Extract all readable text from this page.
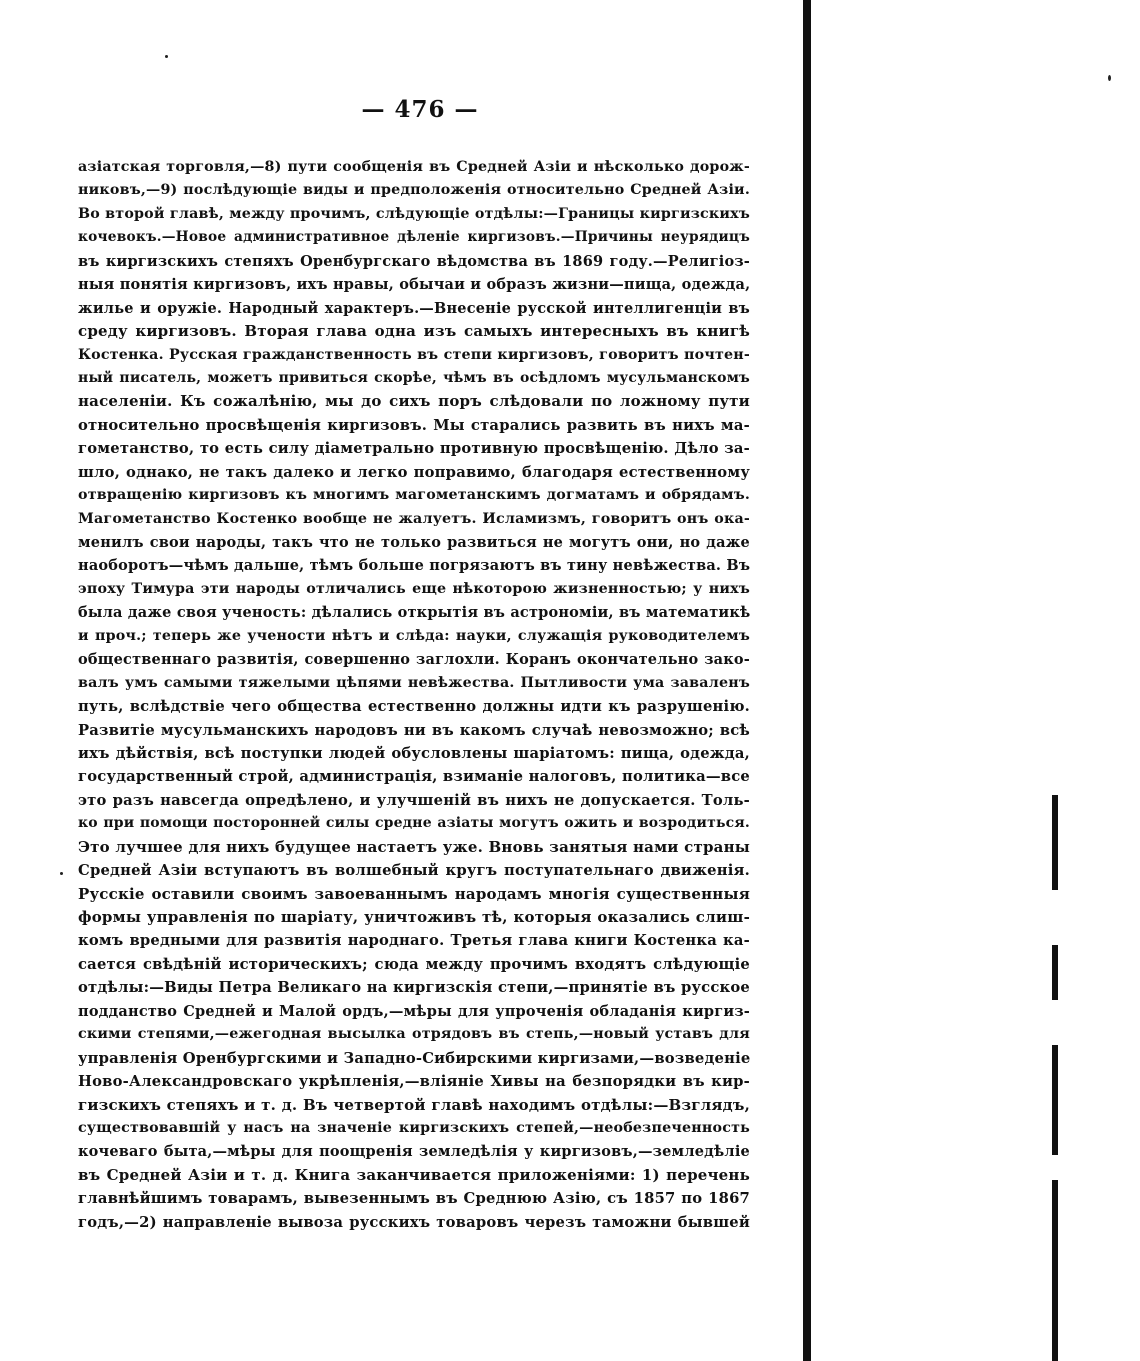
— 476 —
азіатская торговля,—8) пути сообщенія въ Средней Азіи и нѣсколько дорож-
никовъ,—9) послѣдующіе виды и предположенія относительно Средней Азіи.
Во второй главѣ, между прочимъ, слѣдующіе отдѣлы:—Границы киргизскихъ
кочевокъ.—Новое административное дѣленіе киргизовъ.—Причины неурядицъ
въ киргизскихъ степяхъ Оренбургскаго вѣдомства въ 1869 году.—Религіоз-
ныя понятія киргизовъ, ихъ нравы, обычаи и образъ жизни—пища, одежда,
жилье и оружіе. Народный характеръ.—Внесеніе русской интеллигенціи въ
среду киргизовъ. Вторая глава одна изъ самыхъ интересныхъ въ книгѣ
Костенка. Русская гражданственность въ степи киргизовъ, говоритъ почтен-
ный писатель, можетъ привиться скорѣе, чѣмъ въ осѣдломъ мусульманскомъ
населеніи. Къ сожалѣнію, мы до сихъ поръ слѣдовали по ложному пути
относительно просвѣщенія киргизовъ. Мы старались развить въ нихъ ма-
гометанство, то есть силу діаметрально противную просвѣщенію. Дѣло за-
шло, однако, не такъ далеко и легко поправимо, благодаря естественному
отвращенію киргизовъ къ многимъ магометанскимъ догматамъ и обрядамъ.
Магометанство Костенко вообще не жалуетъ. Исламизмъ, говоритъ онъ ока-
менилъ свои народы, такъ что не только развиться не могутъ они, но даже
наоборотъ—чѣмъ дальше, тѣмъ больше погрязаютъ въ тину невѣжества. Въ
эпоху Тимура эти народы отличались еще нѣкоторою жизненностью; у нихъ
была даже своя ученость: дѣлались открытія въ астрономіи, въ математикѣ
и проч.; теперь же учености нѣтъ и слѣда: науки, служащія руководителемъ
общественнаго развитія, совершенно заглохли. Коранъ окончательно зако-
валъ умъ самыми тяжелыми цѣпями невѣжества. Пытливости ума заваленъ
путь, вслѣдствіе чего общества естественно должны идти къ разрушенію.
Развитіе мусульманскихъ народовъ ни въ какомъ случаѣ невозможно; всѣ
ихъ дѣйствія, всѣ поступки людей обусловлены шаріатомъ: пища, одежда,
государственный строй, администрація, взиманіе налоговъ, политика—все
это разъ навсегда опредѣлено, и улучшеній въ нихъ не допускается. Толь-
ко при помощи посторонней силы средне азіаты могутъ ожить и возродиться.
Это лучшее для нихъ будущее настаетъ уже. Вновь занятыя нами страны
Средней Азіи вступаютъ въ волшебный кругъ поступательнаго движенія.
Русскіе оставили своимъ завоеваннымъ народамъ многія существенныя
формы управленія по шаріату, уничтоживъ тѣ, которыя оказались слиш-
комъ вредными для развитія народнаго. Третья глава книги Костенка ка-
сается свѣдѣній историческихъ; сюда между прочимъ входятъ слѣдующіе
отдѣлы:—Виды Петра Великаго на киргизскія степи,—принятіе въ русское
подданство Средней и Малой ордъ,—мѣры для упроченія обладанія киргиз-
скими степями,—ежегодная высылка отрядовъ въ степь,—новый уставъ для
управленія Оренбургскими и Западно-Сибирскими киргизами,—возведеніе
Ново-Александровскаго укрѣпленія,—вліяніе Хивы на безпорядки въ кир-
гизскихъ степяхъ и т. д. Въ четвертой главѣ находимъ отдѣлы:—Взглядъ,
существовавшій у насъ на значеніе киргизскихъ степей,—необезпеченность
кочеваго быта,—мѣры для поощренія земледѣлія у киргизовъ,—земледѣліе
въ Средней Азіи и т. д. Книга заканчивается приложеніями: 1) перечень
главнѣйшимъ товарамъ, вывезеннымъ въ Среднюю Азію, съ 1857 по 1867
годъ,—2) направленіе вывоза русскихъ товаровъ черезъ таможни бывшей
